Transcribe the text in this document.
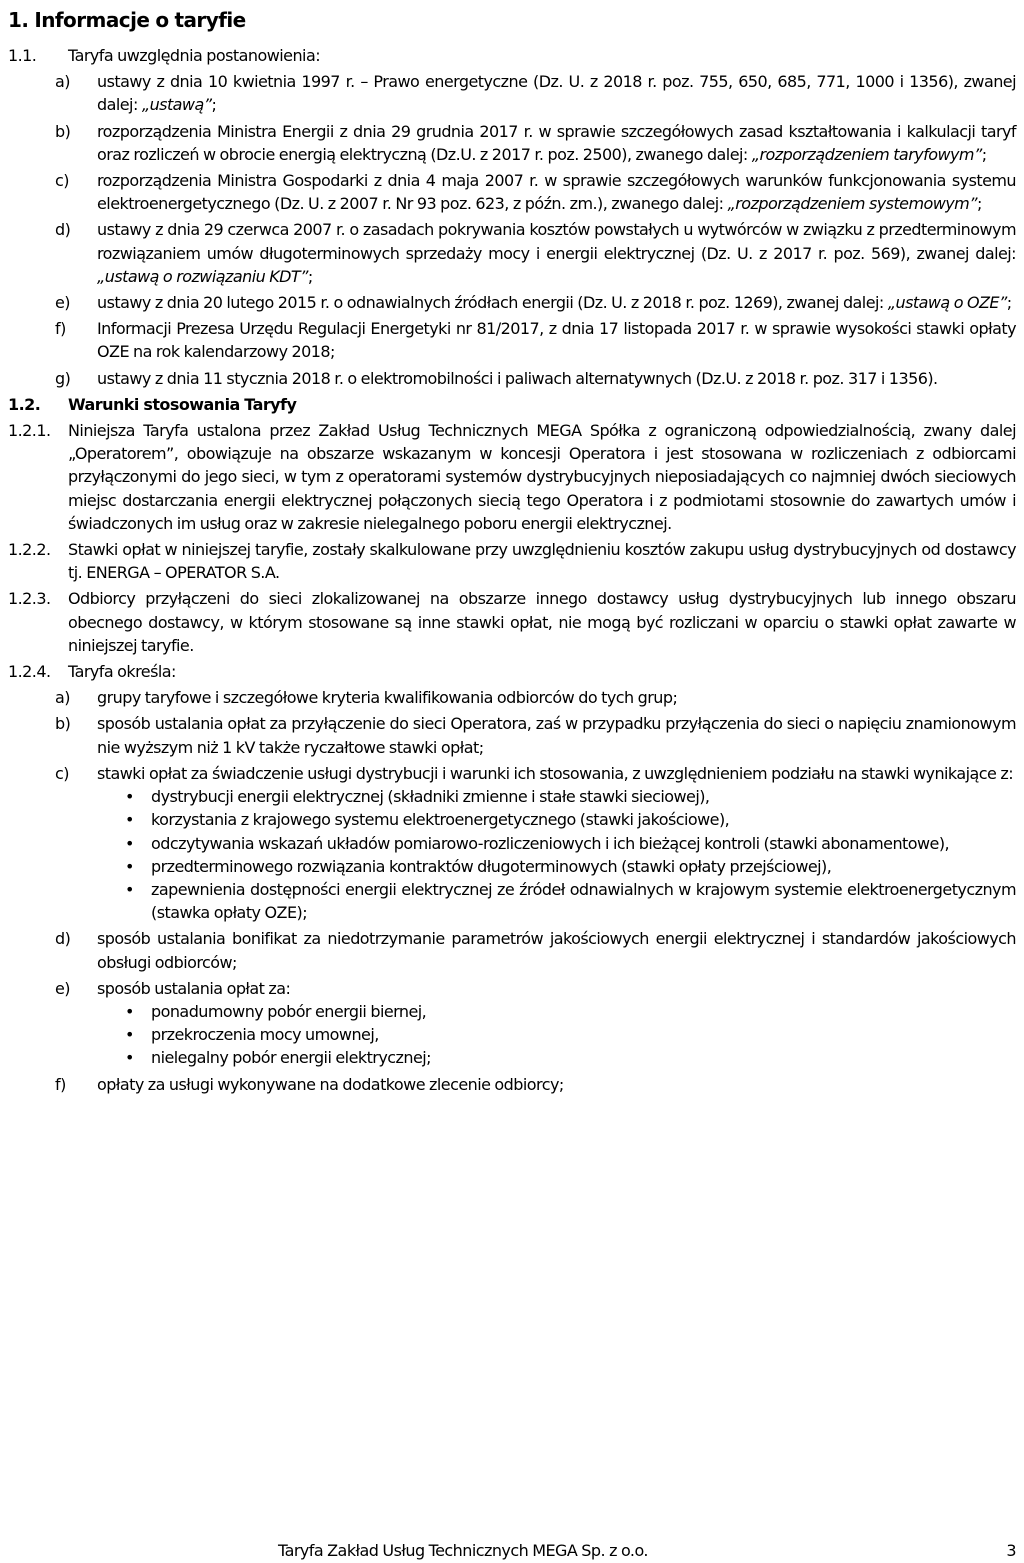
1. Informacje o taryfie
1.1.	Taryfa uwzględnia postanowienia:
a)	ustawy z dnia 10 kwietnia 1997 r. – Prawo energetyczne (Dz. U. z 2018 r. poz. 755, 650, 685, 771, 1000 i 1356), zwanej dalej: „ustawą”;
b)	rozporządzenia Ministra Energii z dnia 29 grudnia 2017 r. w sprawie szczegółowych zasad kształtowania i kalkulacji taryf oraz rozliczeń w obrocie energią elektryczną (Dz.U. z 2017 r. poz. 2500), zwanego dalej: „rozporządzeniem taryfowym”;
c)	rozporządzenia Ministra Gospodarki z dnia 4 maja 2007 r. w sprawie szczegółowych warunków funkcjonowania systemu elektroenergetycznego (Dz. U. z 2007 r. Nr 93 poz. 623, z późn. zm.), zwanego dalej: „rozporządzeniem systemowym”;
d)	ustawy z dnia 29 czerwca 2007 r. o zasadach pokrywania kosztów powstałych u wytwórców w związku z przedterminowym rozwiązaniem umów długoterminowych sprzedaży mocy i energii elektrycznej (Dz. U. z 2017 r. poz. 569), zwanej dalej: „ustawą o rozwiązaniu KDT”;
e)	ustawy z dnia 20 lutego 2015 r. o odnawialnych źródłach energii (Dz. U. z 2018 r. poz. 1269), zwanej dalej: „ustawą o OZE”;
f)	Informacji Prezesa Urzędu Regulacji Energetyki nr 81/2017, z dnia 17 listopada 2017 r. w sprawie wysokości stawki opłaty OZE na rok kalendarzowy 2018;
g)	ustawy z dnia 11 stycznia 2018 r. o elektromobilności i paliwach alternatywnych (Dz.U. z 2018 r. poz. 317 i 1356).
1.2.	Warunki stosowania Taryfy
1.2.1.	Niniejsza Taryfa ustalona przez Zakład Usług Technicznych MEGA Spółka z ograniczoną odpowiedzialnością, zwany dalej „Operatorem”, obowiązuje na obszarze wskazanym w koncesji Operatora i jest stosowana w rozliczeniach z odbiorcami przyłączonymi do jego sieci, w tym z operatorami systemów dystrybucyjnych nieposiadających co najmniej dwóch sieciowych miejsc dostarczania energii elektrycznej połączonych siecią tego Operatora i z podmiotami stosownie do zawartych umów i świadczonych im usług oraz w zakresie nielegalnego poboru energii elektrycznej.
1.2.2.	Stawki opłat w niniejszej taryfie, zostały skalkulowane przy uwzględnieniu kosztów zakupu usług dystrybucyjnych od dostawcy tj. ENERGA – OPERATOR S.A.
1.2.3.	Odbiorcy przyłączeni do sieci zlokalizowanej na obszarze innego dostawcy usług dystrybucyjnych lub innego obszaru obecnego dostawcy, w którym stosowane są inne stawki opłat, nie mogą być rozliczani w oparciu o stawki opłat zawarte w niniejszej taryfie.
1.2.4.	Taryfa określa:
a)	grupy taryfowe i szczegółowe kryteria kwalifikowania odbiorców do tych grup;
b)	sposób ustalania opłat za przyłączenie do sieci Operatora, zaś w przypadku przyłączenia do sieci o napięciu znamionowym nie wyższym niż 1 kV także ryczałtowe stawki opłat;
c)	stawki opłat za świadczenie usługi dystrybucji i warunki ich stosowania, z uwzględnieniem podziału na stawki wynikające z:
•	dystrybucji energii elektrycznej (składniki zmienne i stałe stawki sieciowej),
•	korzystania z krajowego systemu elektroenergetycznego (stawki jakościowe),
•	odczytywania wskazań układów pomiarowo-rozliczeniowych i ich bieżącej kontroli (stawki abonamentowe),
•	przedterminowego rozwiązania kontraktów długoterminowych (stawki opłaty przejściowej),
•	zapewnienia dostępności energii elektrycznej ze źródeł odnawialnych w krajowym systemie elektroenergetycznym (stawka opłaty OZE);
d)	sposób ustalania bonifikat za niedotrzymanie parametrów jakościowych energii elektrycznej i standardów jakościowych obsługi odbiorców;
e)	sposób ustalania opłat za:
•	ponadumowny pobór energii biernej,
•	przekroczenia mocy umownej,
•	nielegalny pobór energii elektrycznej;
f)	opłaty za usługi wykonywane na dodatkowe zlecenie odbiorcy;
Taryfa Zakład Usług Technicznych MEGA Sp. z o.o.	3
